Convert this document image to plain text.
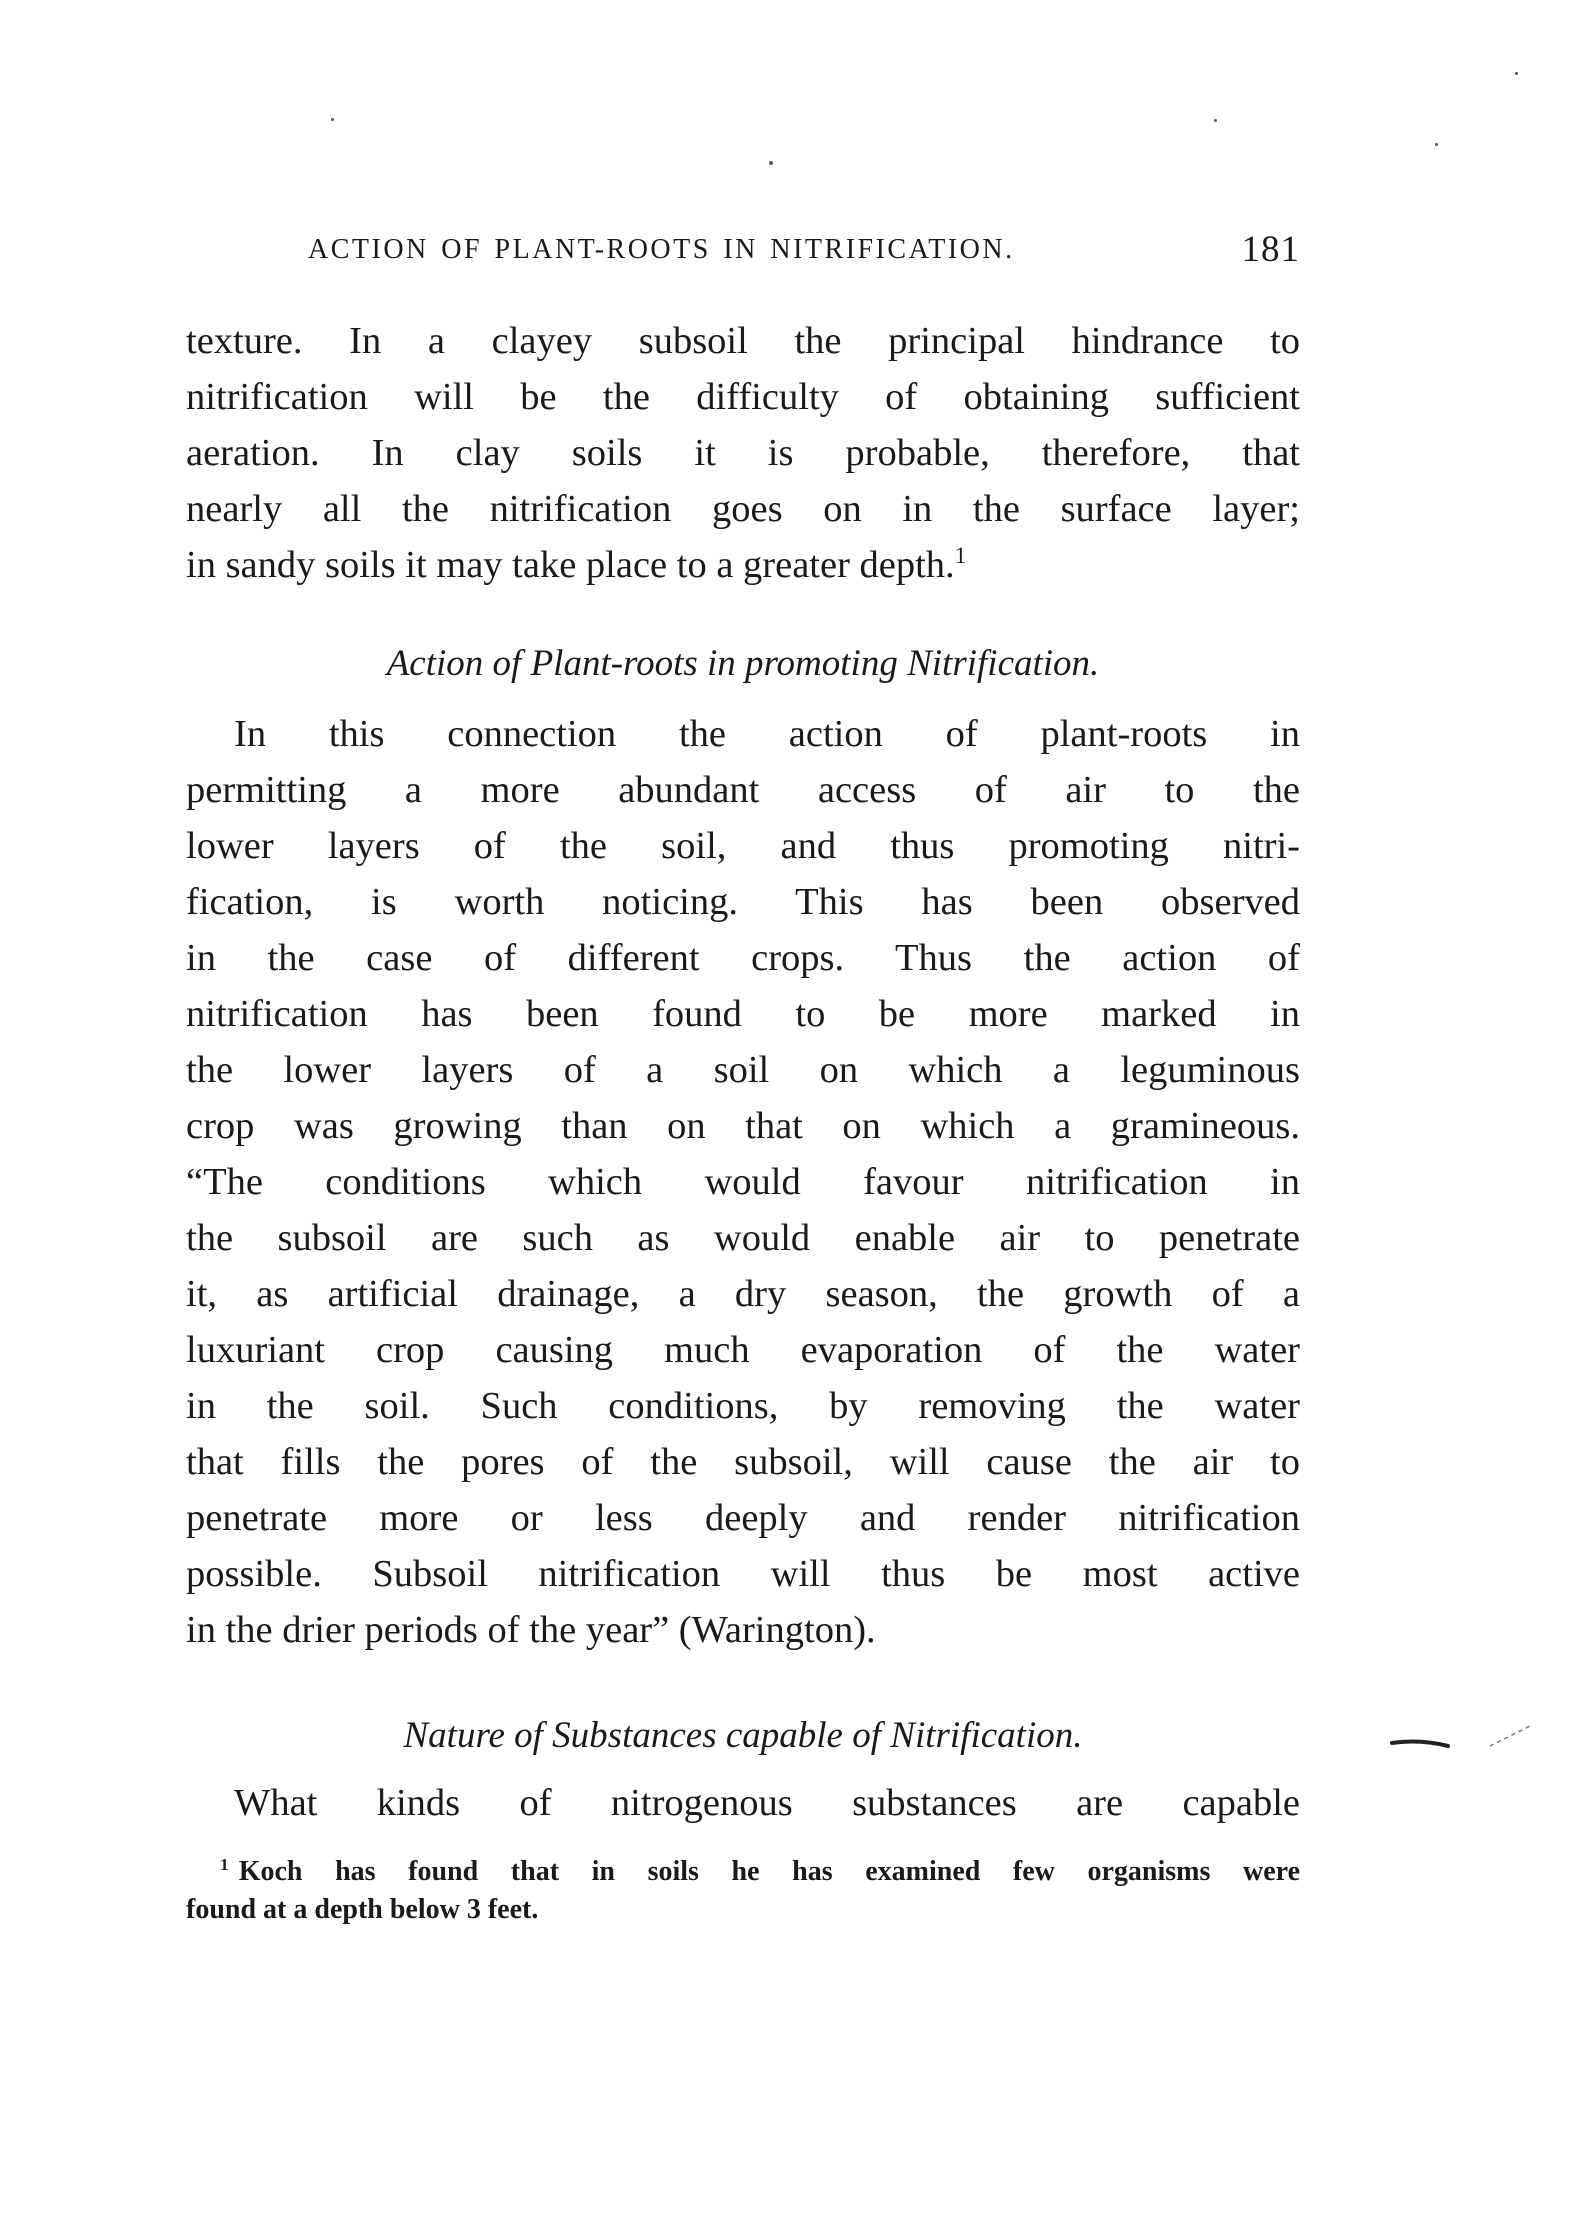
ACTION OF PLANT-ROOTS IN NITRIFICATION.	181
texture. In a clayey subsoil the principal hindrance to
nitrification will be the difficulty of obtaining sufficient
aeration. In clay soils it is probable, therefore, that
nearly all the nitrification goes on in the surface layer;
in sandy soils it may take place to a greater depth.$^1$
Action of Plant-roots in promoting Nitrification.
In this connection the action of plant-roots in
permitting a more abundant access of air to the
lower layers of the soil, and thus promoting nitri-
fication, is worth noticing. This has been observed
in the case of different crops. Thus the action of
nitrification has been found to be more marked in
the lower layers of a soil on which a leguminous
crop was growing than on that on which a gramineous.
“The conditions which would favour nitrification in
the subsoil are such as would enable air to penetrate
it, as artificial drainage, a dry season, the growth of a
luxuriant crop causing much evaporation of the water
in the soil. Such conditions, by removing the water
that fills the pores of the subsoil, will cause the air to
penetrate more or less deeply and render nitrification
possible. Subsoil nitrification will thus be most active
in the drier periods of the year” (Warington).
Nature of Substances capable of Nitrification.
What kinds of nitrogenous substances are capable
$^1$ Koch has found that in soils he has examined few organisms were
found at a depth below 3 feet.
